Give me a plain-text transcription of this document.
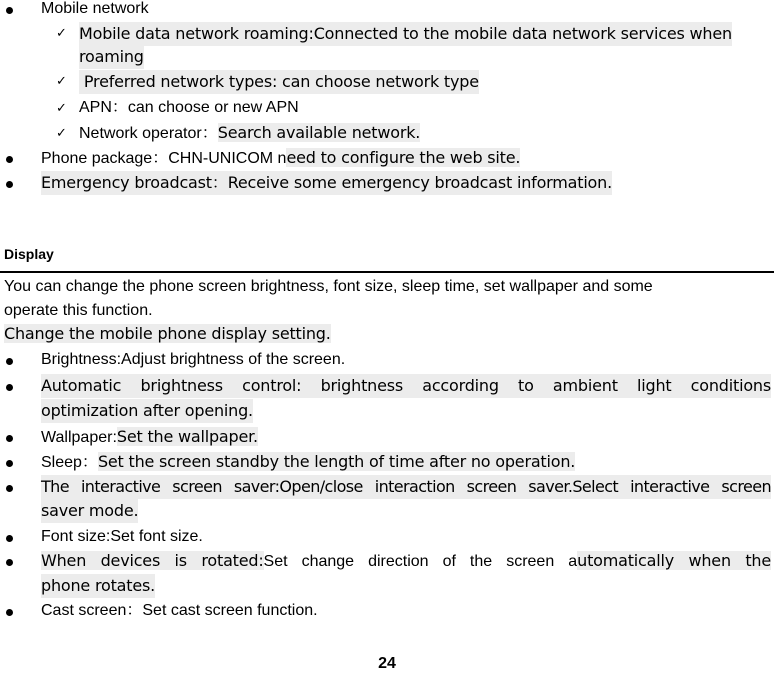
Mobile network
✓ Mobile data network roaming:Connected to the mobile data network services when
roaming
✓ Preferred network types: can choose network type
✓ APN：can choose or new APN
✓ Network operator：Search available network.
Phone package：CHN-UNICOM need to configure the web site.
Emergency broadcast：Receive some emergency broadcast information.
Display
You can change the phone screen brightness, font size, sleep time, set wallpaper and some
operate this function.
Change the mobile phone display setting.
Brightness:Adjust brightness of the screen.
Automatic brightness control: brightness according to ambient light conditions
optimization after opening.
Wallpaper:Set the wallpaper.
Sleep：Set the screen standby the length of time after no operation.
The interactive screen saver:Open/close interaction screen saver.Select interactive screen
saver mode.
Font size:Set font size.
When devices is rotated:Set change direction of the screen automatically when the
phone rotates.
Cast screen：Set cast screen function.
24
